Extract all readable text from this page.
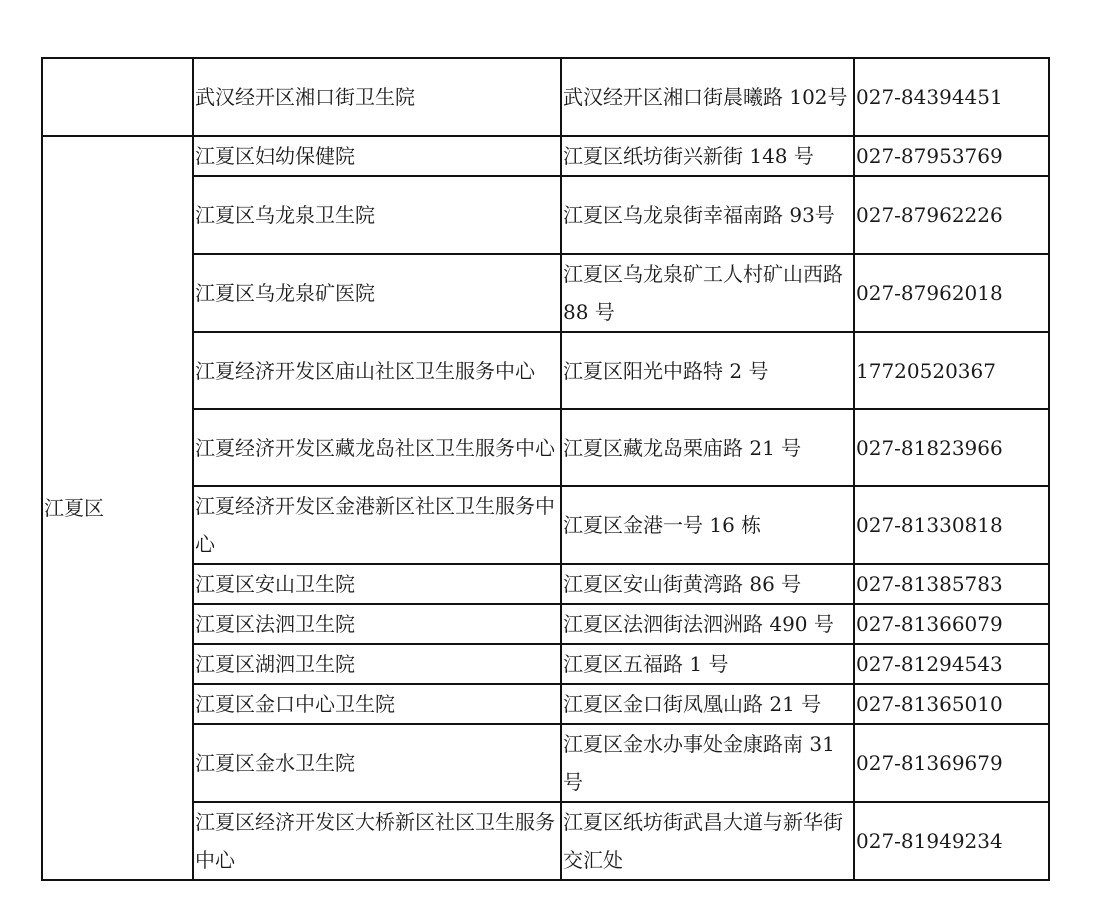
	武汉经开区湘口街卫生院	武汉经开区湘口街晨曦路 102号	027-84394451
江夏区	江夏区妇幼保健院	江夏区纸坊街兴新街 148 号	027-87953769
	江夏区乌龙泉卫生院	江夏区乌龙泉街幸福南路 93号	027-87962226
	江夏区乌龙泉矿医院	江夏区乌龙泉矿工人村矿山西路 88 号	027-87962018
	江夏经济开发区庙山社区卫生服务中心	江夏区阳光中路特 2 号	17720520367
	江夏经济开发区藏龙岛社区卫生服务中心	江夏区藏龙岛栗庙路 21 号	027-81823966
	江夏经济开发区金港新区社区卫生服务中心	江夏区金港一号 16 栋	027-81330818
	江夏区安山卫生院	江夏区安山街黄湾路 86 号	027-81385783
	江夏区法泗卫生院	江夏区法泗街法泗洲路 490 号	027-81366079
	江夏区湖泗卫生院	江夏区五福路 1 号	027-81294543
	江夏区金口中心卫生院	江夏区金口街凤凰山路 21 号	027-81365010
	江夏区金水卫生院	江夏区金水办事处金康路南 31 号	027-81369679
	江夏区经济开发区大桥新区社区卫生服务中心	江夏区纸坊街武昌大道与新华街交汇处	027-81949234
